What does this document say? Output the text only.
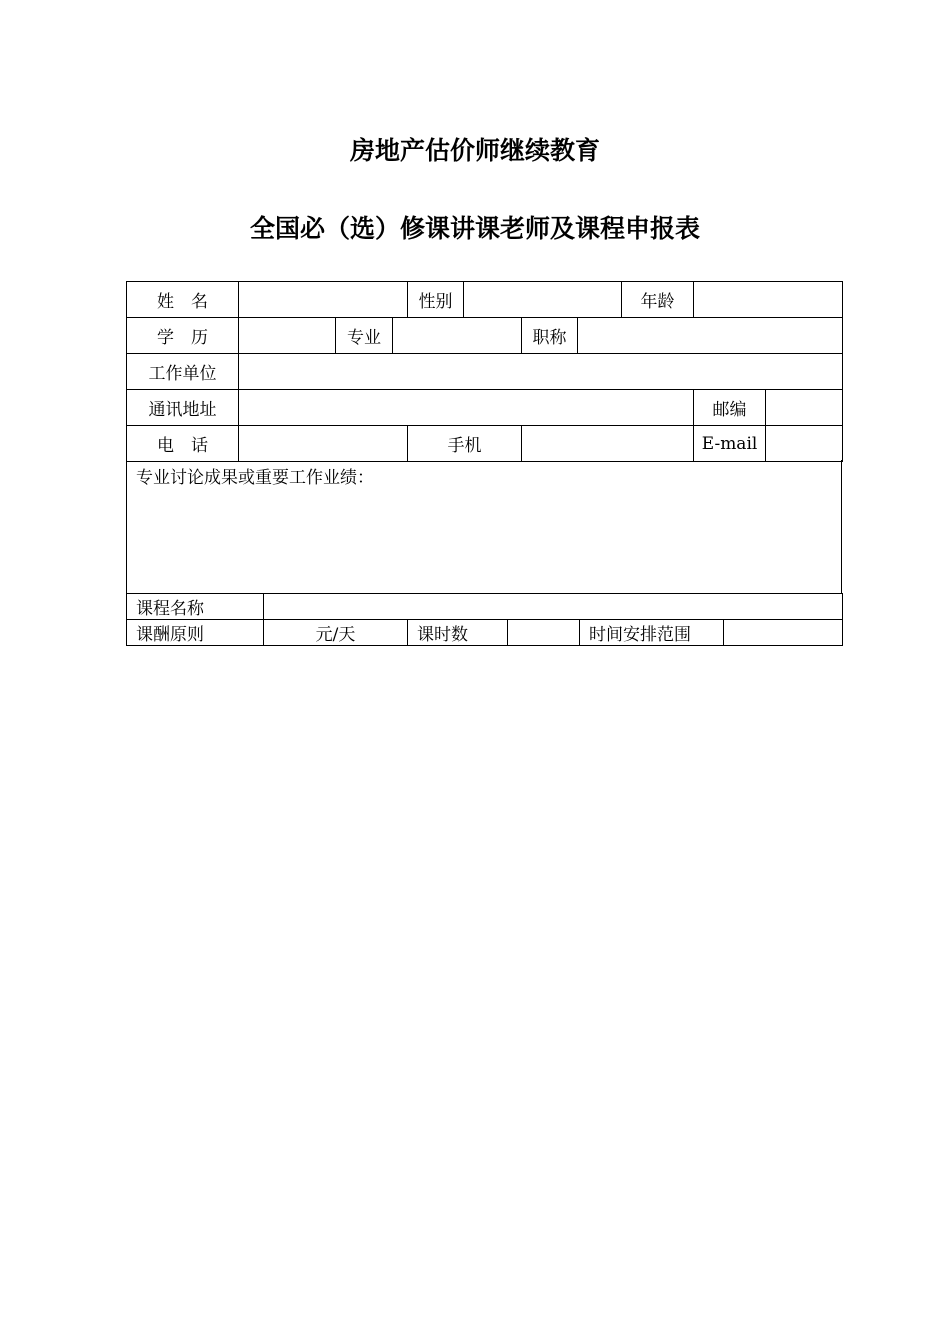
房地产估价师继续教育
全国必（选）修课讲课老师及课程申报表
姓　名				性别				年龄		
学　历		专业				职称				
工作单位										
通讯地址									邮编	
电　话				手机					E-mail	
专业讨论成果或重要工作业绩：
课程名称					
课酬原则	元/天	课时数		时间安排范围	
